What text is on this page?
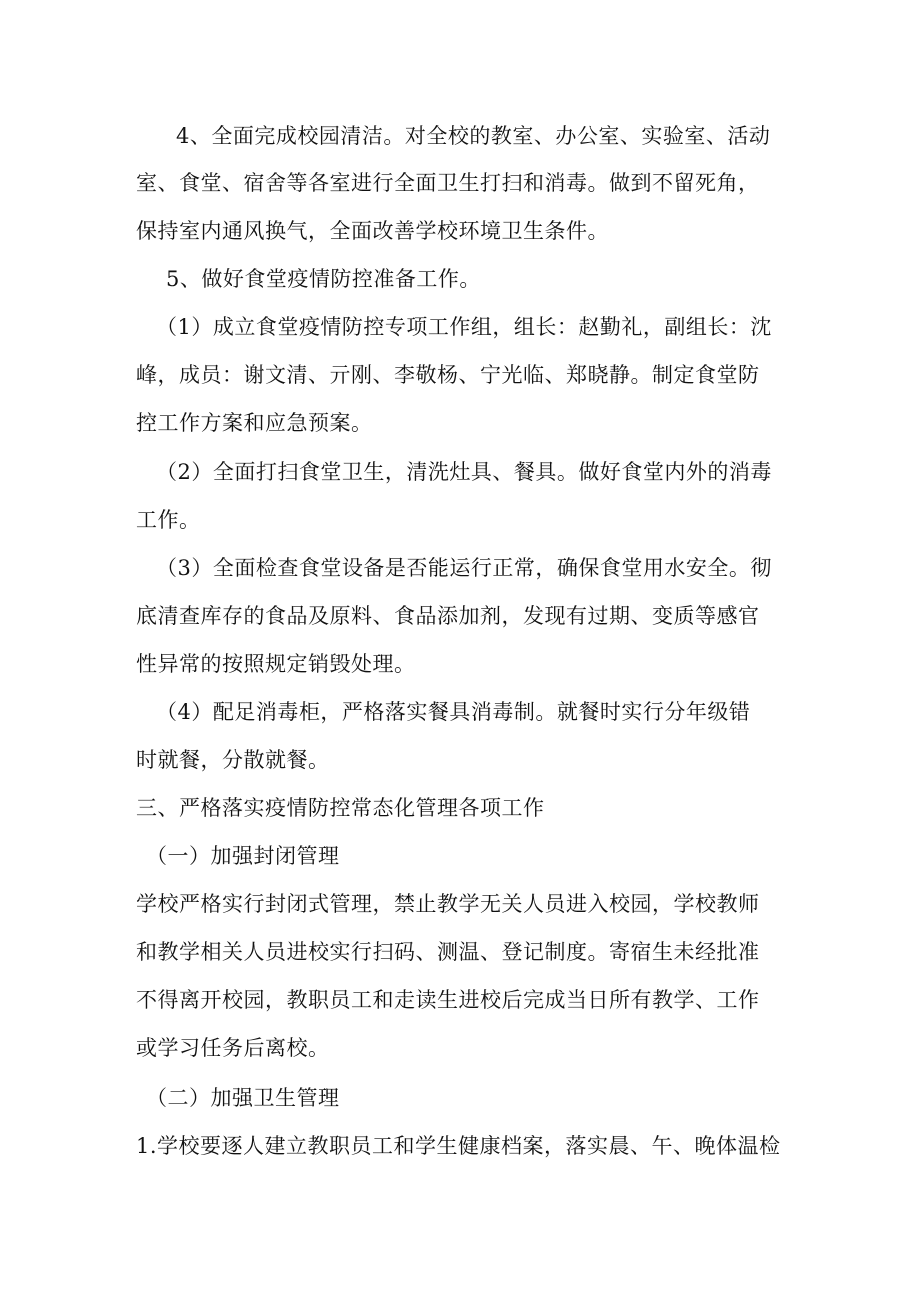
4、全面完成校园清洁。对全校的教室、办公室、实验室、活动
室、食堂、宿舍等各室进行全面卫生打扫和消毒。做到不留死角，
保持室内通风换气，全面改善学校环境卫生条件。
5、做好食堂疫情防控准备工作。
（1）成立食堂疫情防控专项工作组，组长：赵勤礼，副组长：沈
峰，成员：谢文清、亓刚、李敬杨、宁光临、郑晓静。制定食堂防
控工作方案和应急预案。
（2）全面打扫食堂卫生，清洗灶具、餐具。做好食堂内外的消毒
工作。
（3）全面检查食堂设备是否能运行正常，确保食堂用水安全。彻
底清查库存的食品及原料、食品添加剂，发现有过期、变质等感官
性异常的按照规定销毁处理。
（4）配足消毒柜，严格落实餐具消毒制。就餐时实行分年级错
时就餐，分散就餐。
三、严格落实疫情防控常态化管理各项工作
（一）加强封闭管理
学校严格实行封闭式管理，禁止教学无关人员进入校园，学校教师
和教学相关人员进校实行扫码、测温、登记制度。寄宿生未经批准
不得离开校园，教职员工和走读生进校后完成当日所有教学、工作
或学习任务后离校。
（二）加强卫生管理
1.学校要逐人建立教职员工和学生健康档案，落实晨、午、晚体温检
